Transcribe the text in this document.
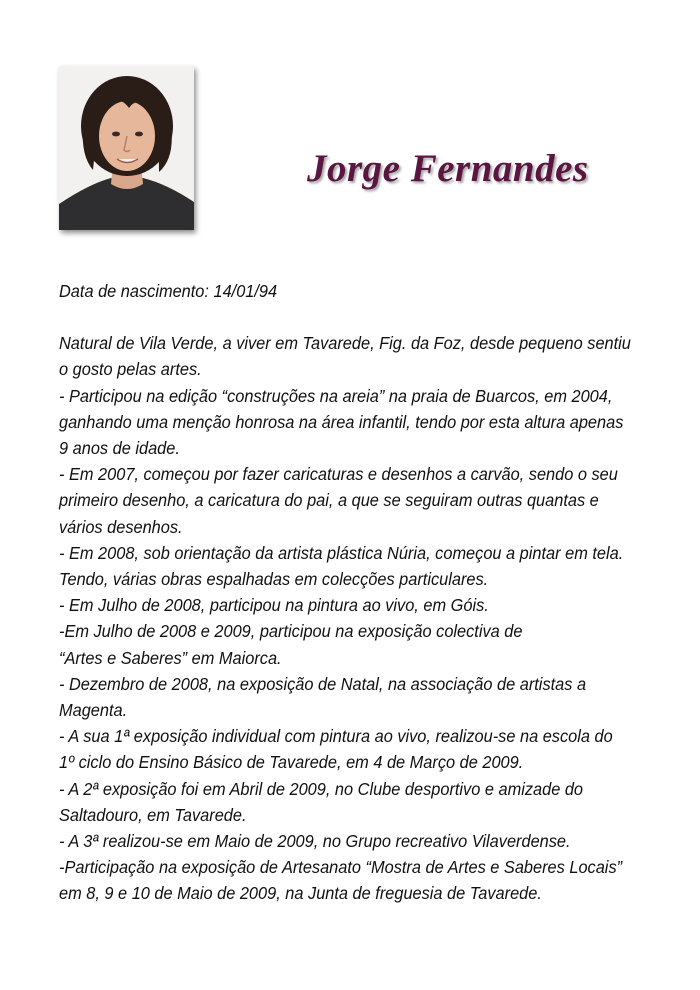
Jorge Fernandes

Data de nascimento: 14/01/94

Natural de Vila Verde, a viver em Tavarede, Fig. da Foz, desde pequeno sentiu

o gosto pelas artes.

- Participou na edição “construções na areia” na praia de Buarcos, em 2004,

ganhando uma menção honrosa na área infantil, tendo por esta altura apenas

9 anos de idade.

- Em 2007, começou por fazer caricaturas e desenhos a carvão, sendo o seu

primeiro desenho, a caricatura do pai, a que se seguiram outras quantas e

vários desenhos.

- Em 2008, sob orientação da artista plástica Núria, começou a pintar em tela.

Tendo, várias obras espalhadas em colecções particulares.

- Em Julho de 2008, participou na pintura ao vivo, em Góis.

-Em Julho de 2008 e 2009, participou na exposição colectiva de

“Artes e Saberes” em Maiorca.

- Dezembro de 2008, na exposição de Natal, na associação de artistas a

Magenta.

- A sua 1ª exposição individual com pintura ao vivo, realizou-se na escola do

1º ciclo do Ensino Básico de Tavarede, em 4 de Março de 2009.

- A 2ª exposição foi em Abril de 2009, no Clube desportivo e amizade do

Saltadouro, em Tavarede.

- A 3ª realizou-se em Maio de 2009, no Grupo recreativo Vilaverdense.

-Participação na exposição de Artesanato “Mostra de Artes e Saberes Locais”

em 8, 9 e 10 de Maio de 2009, na Junta de freguesia de Tavarede.
